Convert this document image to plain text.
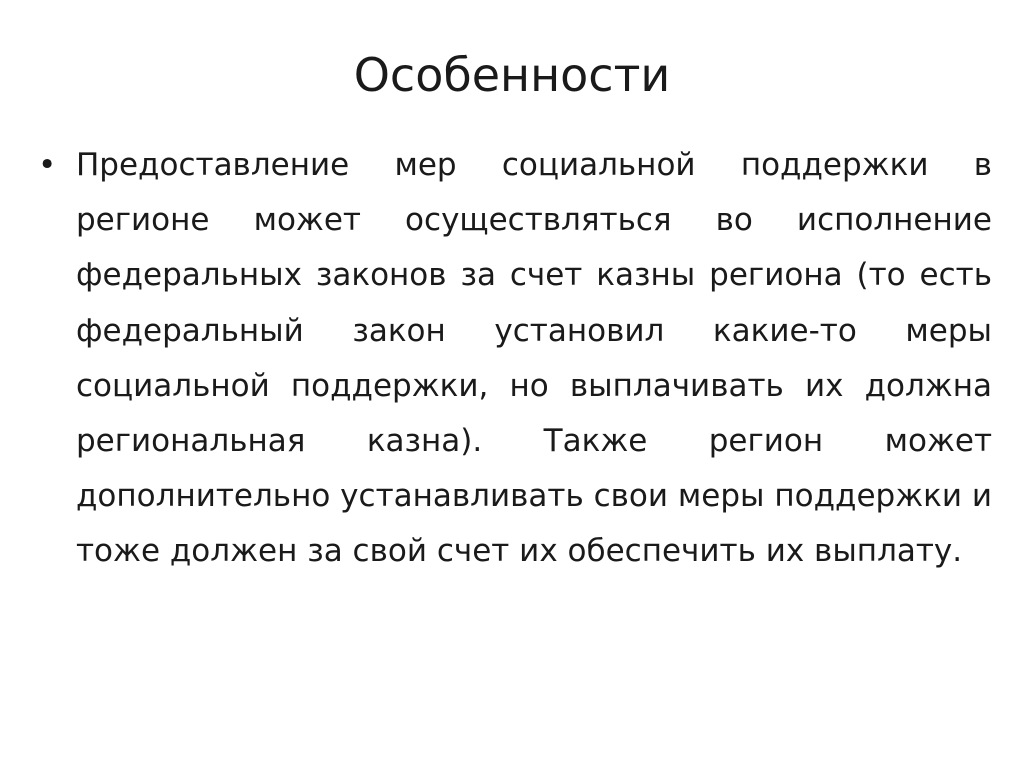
Особенности
• Предоставление мер социальной поддержки в регионе может осуществляться во исполнение федеральных законов за счет казны региона (то есть федеральный закон установил какие-то меры социальной поддержки, но выплачивать их должна региональная казна). Также регион может дополнительно устанавливать свои меры поддержки и тоже должен за свой счет их обеспечить их выплату.
